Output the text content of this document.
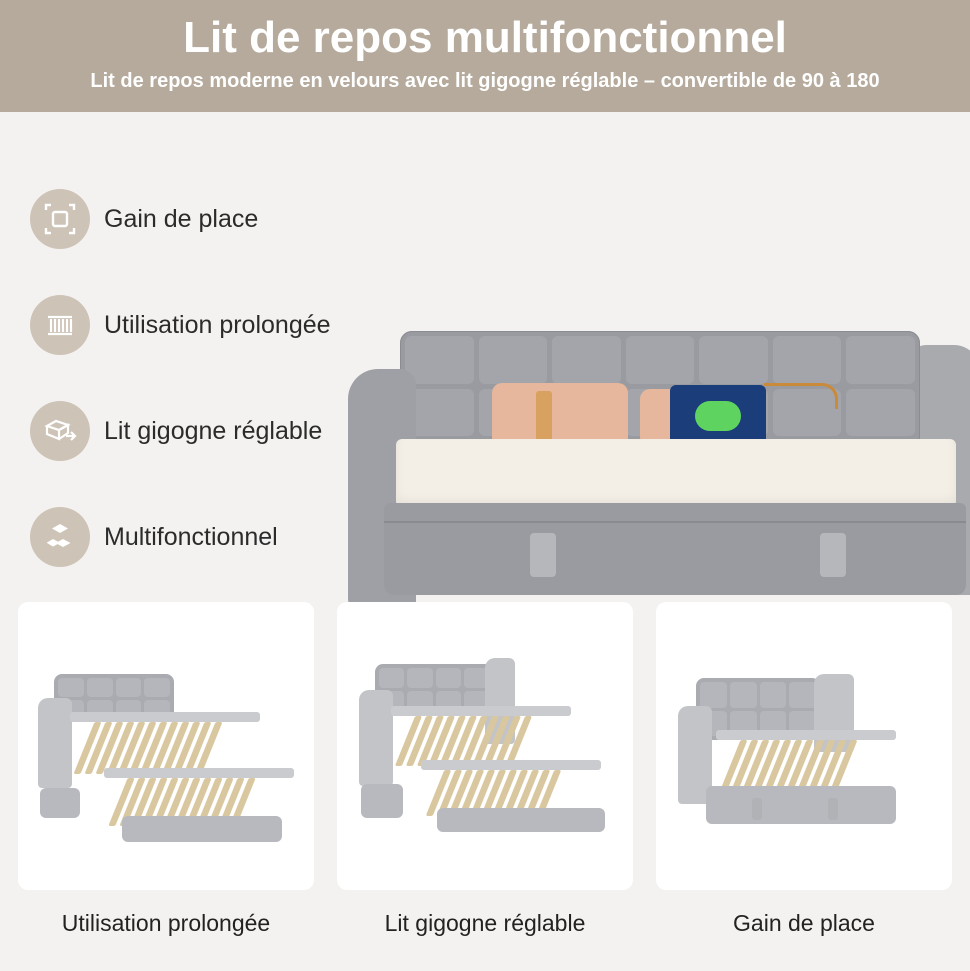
Lit de repos multifonctionnel
Lit de repos moderne en velours avec lit gigogne réglable – convertible de 90 à 180
Gain de place
Utilisation prolongée
Lit gigogne réglable
Multifonctionnel
Utilisation prolongée	Lit gigogne réglable	Gain de place
